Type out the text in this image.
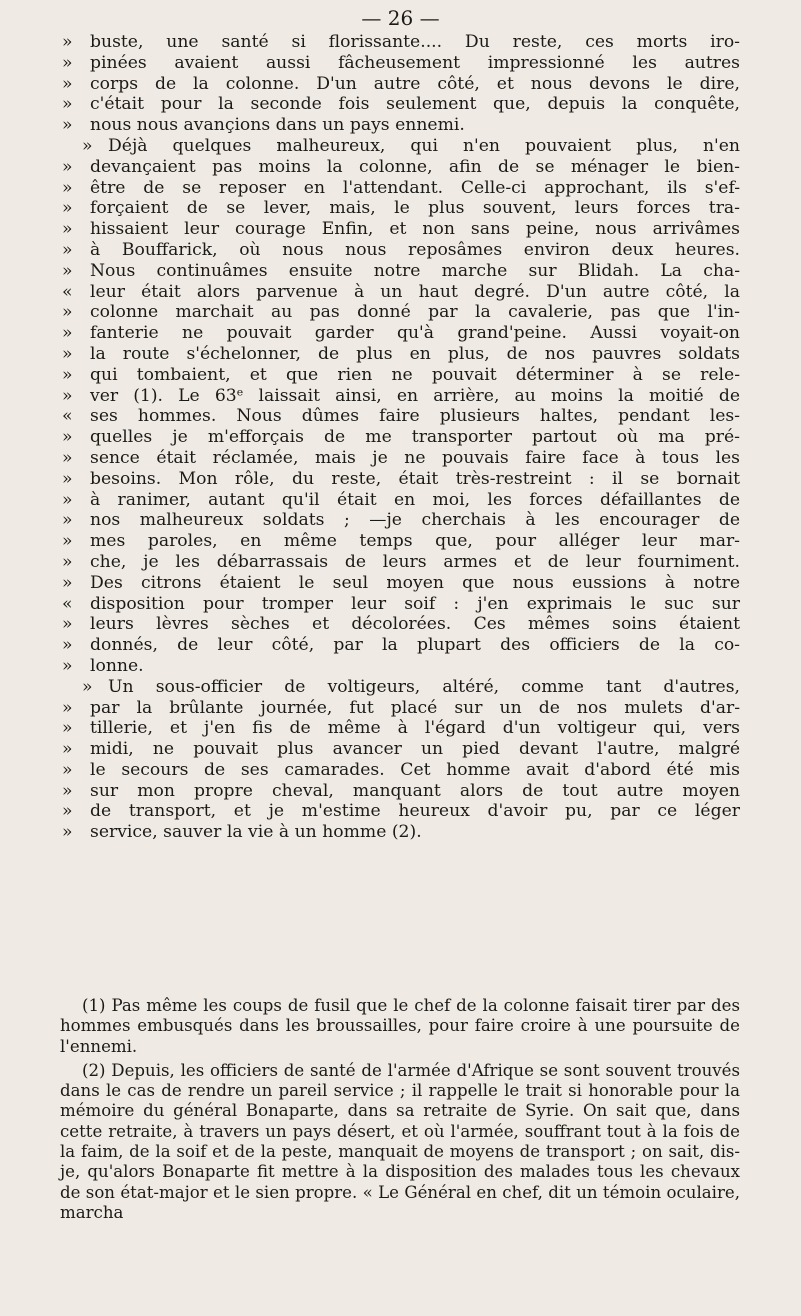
— 26 —
» buste, une santé si florissante.... Du reste, ces morts iro-
» pinées avaient aussi fâcheusement impressionné les autres
» corps de la colonne. D'un autre côté, et nous devons le dire,
» c'était pour la seconde fois seulement que, depuis la conquête,
» nous nous avançions dans un pays ennemi.
» Déjà quelques malheureux, qui n'en pouvaient plus, n'en
» devançaient pas moins la colonne, afin de se ménager le bien-
» être de se reposer en l'attendant. Celle-ci approchant, ils s'ef-
» forçaient de se lever, mais, le plus souvent, leurs forces tra-
» hissaient leur courage Enfin, et non sans peine, nous arrivâmes
» à Bouffarick, où nous nous reposâmes environ deux heures.
» Nous continuâmes ensuite notre marche sur Blidah. La cha-
« leur était alors parvenue à un haut degré. D'un autre côté, la
» colonne marchait au pas donné par la cavalerie, pas que l'in-
» fanterie ne pouvait garder qu'à grand'peine. Aussi voyait-on
» la route s'échelonner, de plus en plus, de nos pauvres soldats
» qui tombaient, et que rien ne pouvait déterminer à se rele-
» ver (1). Le 63ᵉ laissait ainsi, en arrière, au moins la moitié de
« ses hommes. Nous dûmes faire plusieurs haltes, pendant les-
» quelles je m'efforçais de me transporter partout où ma pré-
» sence était réclamée, mais je ne pouvais faire face à tous les
» besoins. Mon rôle, du reste, était très-restreint : il se bornait
» à ranimer, autant qu'il était en moi, les forces défaillantes de
» nos malheureux soldats ; —je cherchais à les encourager de
» mes paroles, en même temps que, pour alléger leur mar-
» che, je les débarrassais de leurs armes et de leur fourniment.
» Des citrons étaient le seul moyen que nous eussions à notre
« disposition pour tromper leur soif : j'en exprimais le suc sur
» leurs lèvres sèches et décolorées. Ces mêmes soins étaient
» donnés, de leur côté, par la plupart des officiers de la co-
» lonne.
» Un sous-officier de voltigeurs, altéré, comme tant d'autres,
» par la brûlante journée, fut placé sur un de nos mulets d'ar-
» tillerie, et j'en fis de même à l'égard d'un voltigeur qui, vers
» midi, ne pouvait plus avancer un pied devant l'autre, malgré
» le secours de ses camarades. Cet homme avait d'abord été mis
» sur mon propre cheval, manquant alors de tout autre moyen
» de transport, et je m'estime heureux d'avoir pu, par ce léger
» service, sauver la vie à un homme (2).

(1) Pas même les coups de fusil que le chef de la colonne faisait tirer par des hommes embusqués dans les broussailles, pour faire croire à une poursuite de l'ennemi.

(2) Depuis, les officiers de santé de l'armée d'Afrique se sont souvent trouvés dans le cas de rendre un pareil service ; il rappelle le trait si honorable pour la mémoire du général Bonaparte, dans sa retraite de Syrie. On sait que, dans cette retraite, à travers un pays désert, et où l'armée, souffrant tout à la fois de la faim, de la soif et de la peste, manquait de moyens de transport ; on sait, dis-je, qu'alors Bonaparte fit mettre à la disposition des malades tous les chevaux de son état-major et le sien propre. « Le Général en chef, dit un témoin oculaire, marcha
